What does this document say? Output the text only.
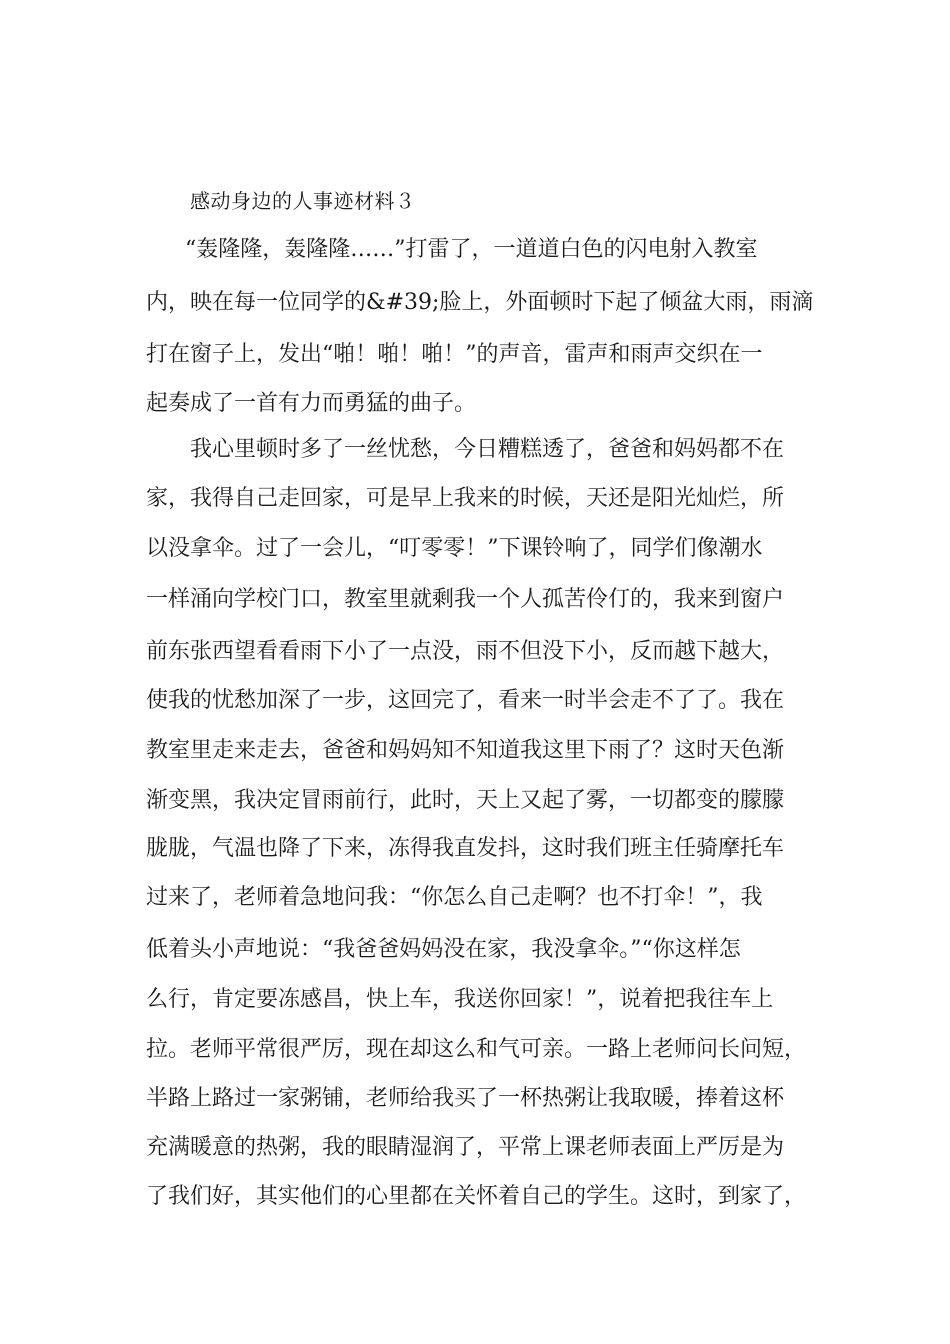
感动身边的人事迹材料３
“轰隆隆，轰隆隆……”打雷了，一道道白色的闪电射入教室
内，映在每一位同学的&#39;脸上，外面顿时下起了倾盆大雨，雨滴
打在窗子上，发出“啪！啪！啪！”的声音，雷声和雨声交织在一
起奏成了一首有力而勇猛的曲子。
我心里顿时多了一丝忧愁，今日糟糕透了，爸爸和妈妈都不在
家，我得自己走回家，可是早上我来的时候，天还是阳光灿烂，所
以没拿伞。过了一会儿，“叮零零！”下课铃响了，同学们像潮水
一样涌向学校门口，教室里就剩我一个人孤苦伶仃的，我来到窗户
前东张西望看看雨下小了一点没，雨不但没下小，反而越下越大，
使我的忧愁加深了一步，这回完了，看来一时半会走不了了。我在
教室里走来走去，爸爸和妈妈知不知道我这里下雨了？这时天色渐
渐变黑，我决定冒雨前行，此时，天上又起了雾，一切都变的朦朦
胧胧，气温也降了下来，冻得我直发抖，这时我们班主任骑摩托车
过来了，老师着急地问我：“你怎么自己走啊？也不打伞！”，我
低着头小声地说：“我爸爸妈妈没在家，我没拿伞。”“你这样怎
么行，肯定要冻感昌，快上车，我送你回家！”，说着把我往车上
拉。老师平常很严厉，现在却这么和气可亲。一路上老师问长问短，
半路上路过一家粥铺，老师给我买了一杯热粥让我取暖，捧着这杯
充满暖意的热粥，我的眼睛湿润了，平常上课老师表面上严厉是为
了我们好，其实他们的心里都在关怀着自己的学生。这时，到家了，
